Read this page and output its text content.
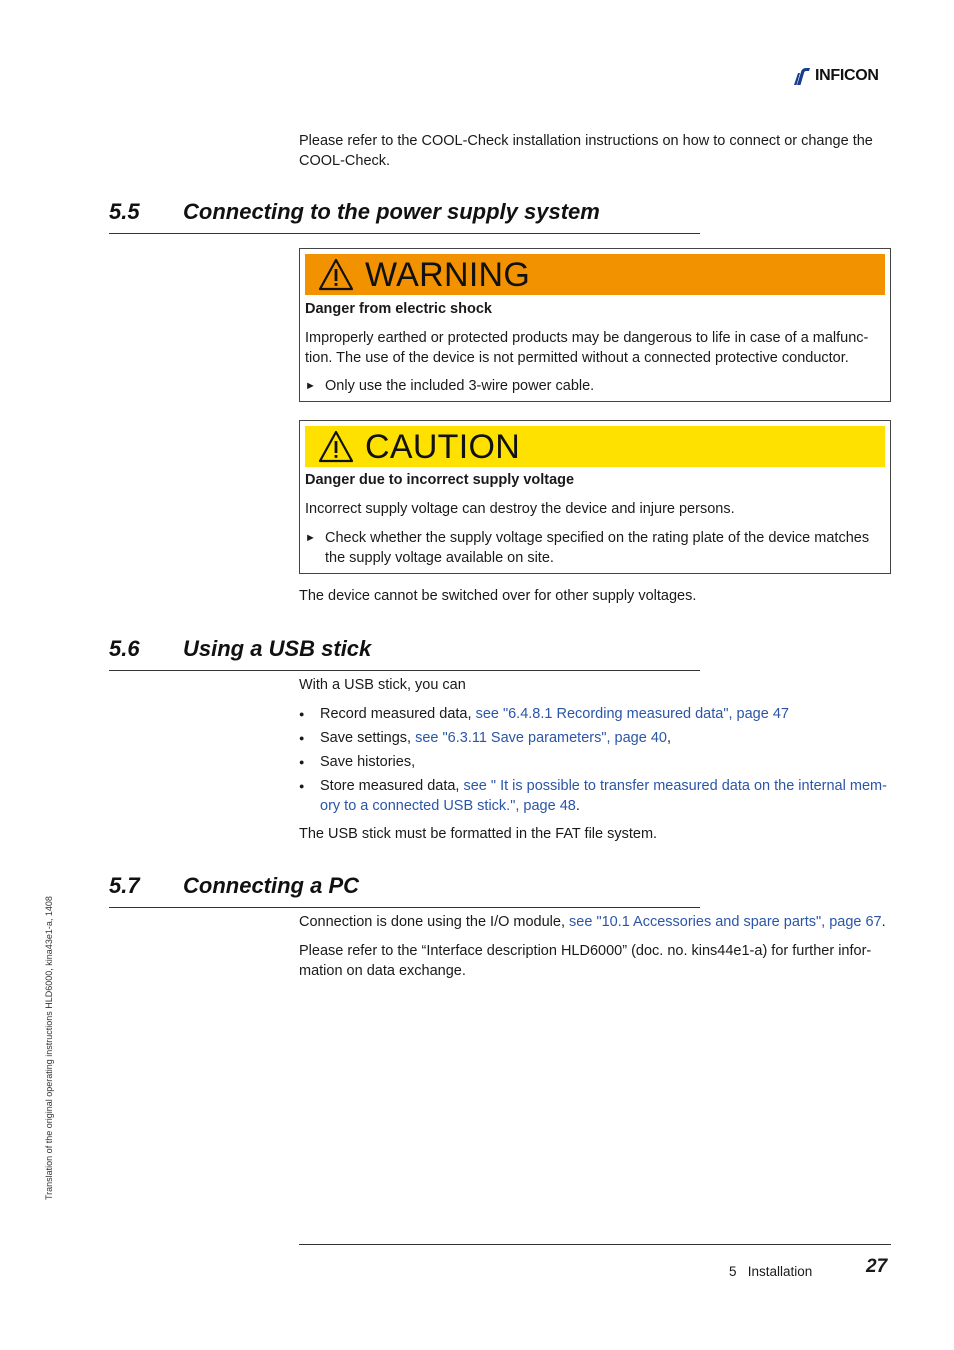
INFICON

Please refer to the COOL-Check installation instructions on how to connect or change the COOL-Check.

5.5 Connecting to the power supply system
WARNING
Danger from electric shock
Improperly earthed or protected products may be dangerous to life in case of a malfunc-tion. The use of the device is not permitted without a connected protective conductor.
► Only use the included 3-wire power cable.
CAUTION
Danger due to incorrect supply voltage
Incorrect supply voltage can destroy the device and injure persons.
► Check whether the supply voltage specified on the rating plate of the device matches the supply voltage available on site.

The device cannot be switched over for other supply voltages.

5.6 Using a USB stick

With a USB stick, you can

●	Record measured data, see "6.4.8.1 Recording measured data", page 47
●	Save settings, see "6.3.11 Save parameters", page 40,
●	Save histories,
●	Store measured data, see " It is possible to transfer measured data on the internal mem-ory to a connected USB stick.", page 48.

The USB stick must be formatted in the FAT file system.

5.7 Connecting a PC

Connection is done using the I/O module, see "10.1 Accessories and spare parts", page 67.

Please refer to the “Interface description HLD6000” (doc. no. kins44e1-a) for further infor-mation on data exchange.

Translation of the original operating instructions HLD6000, kina43e1-a, 1408
5   Installation	27
